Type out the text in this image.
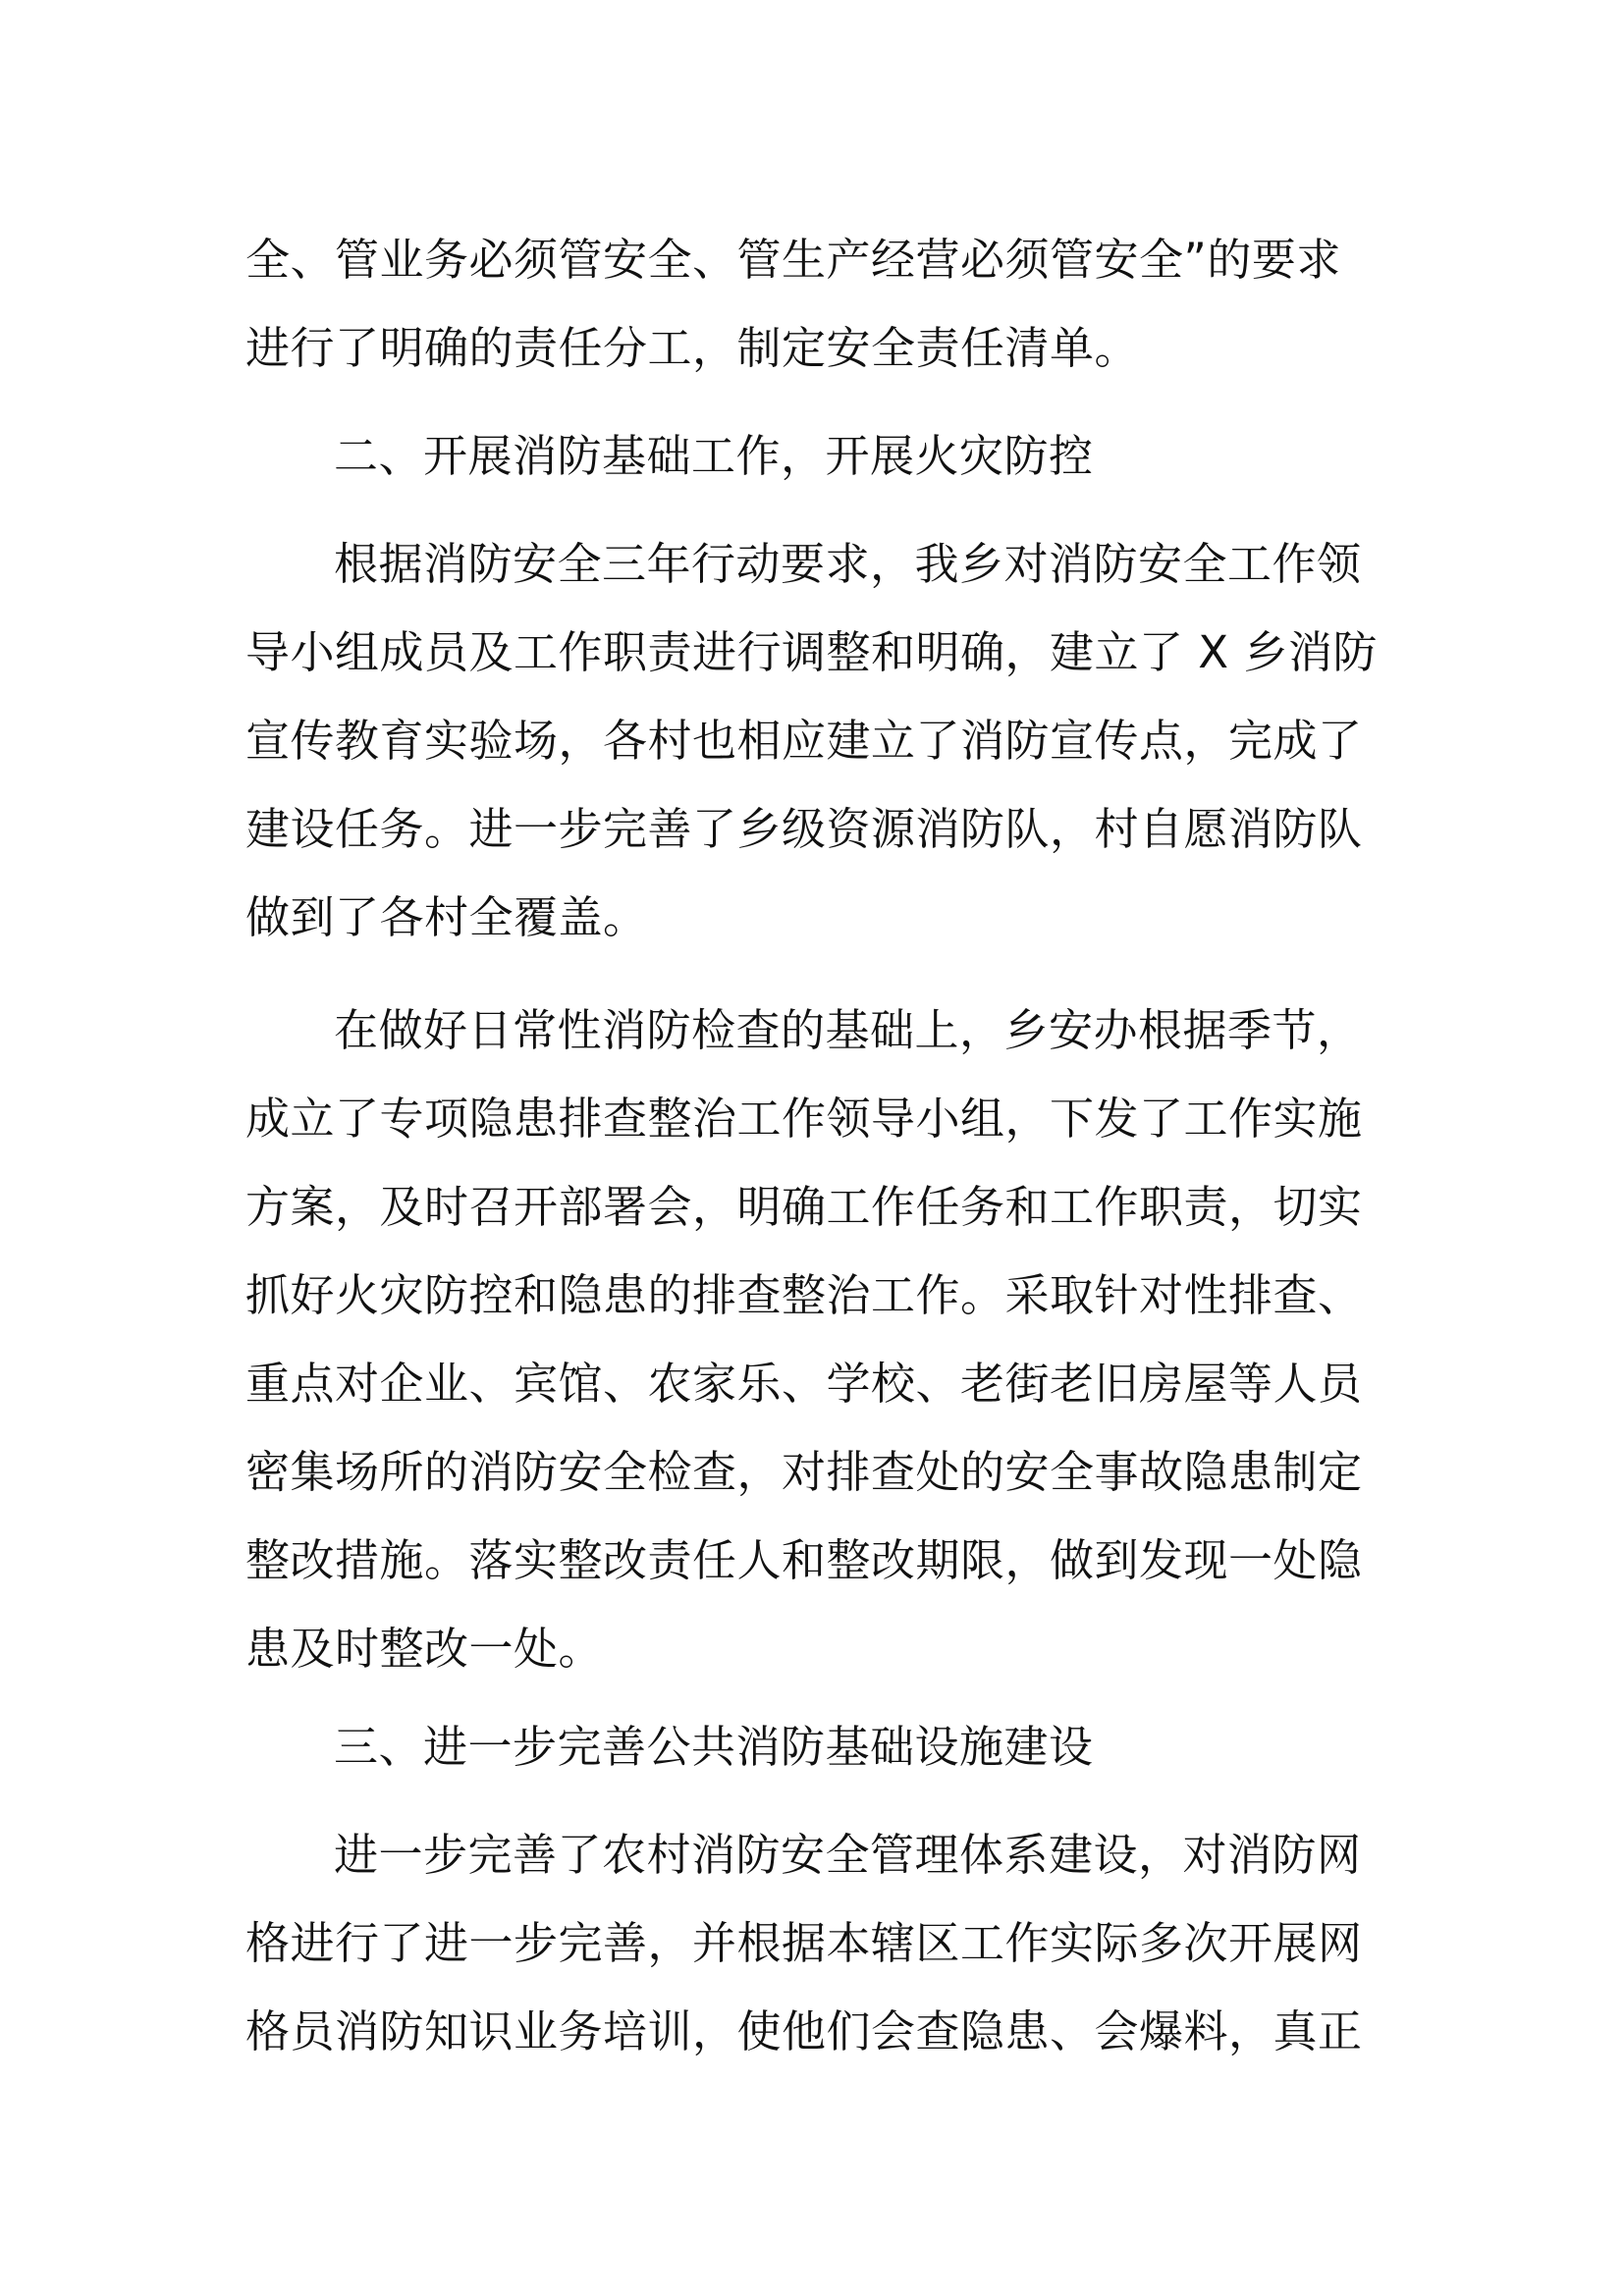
全、管业务必须管安全、管生产经营必须管安全”的要求
进行了明确的责任分工，制定安全责任清单。
二、开展消防基础工作，开展火灾防控
根据消防安全三年行动要求，我乡对消防安全工作领
导小组成员及工作职责进行调整和明确，建立了 X 乡消防
宣传教育实验场，各村也相应建立了消防宣传点，完成了
建设任务。进一步完善了乡级资源消防队，村自愿消防队
做到了各村全覆盖。
在做好日常性消防检查的基础上，乡安办根据季节，
成立了专项隐患排查整治工作领导小组，下发了工作实施
方案，及时召开部署会，明确工作任务和工作职责，切实
抓好火灾防控和隐患的排查整治工作。采取针对性排查、
重点对企业、宾馆、农家乐、学校、老街老旧房屋等人员
密集场所的消防安全检查，对排查处的安全事故隐患制定
整改措施。落实整改责任人和整改期限，做到发现一处隐
患及时整改一处。
三、进一步完善公共消防基础设施建设
进一步完善了农村消防安全管理体系建设，对消防网
格进行了进一步完善，并根据本辖区工作实际多次开展网
格员消防知识业务培训，使他们会查隐患、会爆料，真正
